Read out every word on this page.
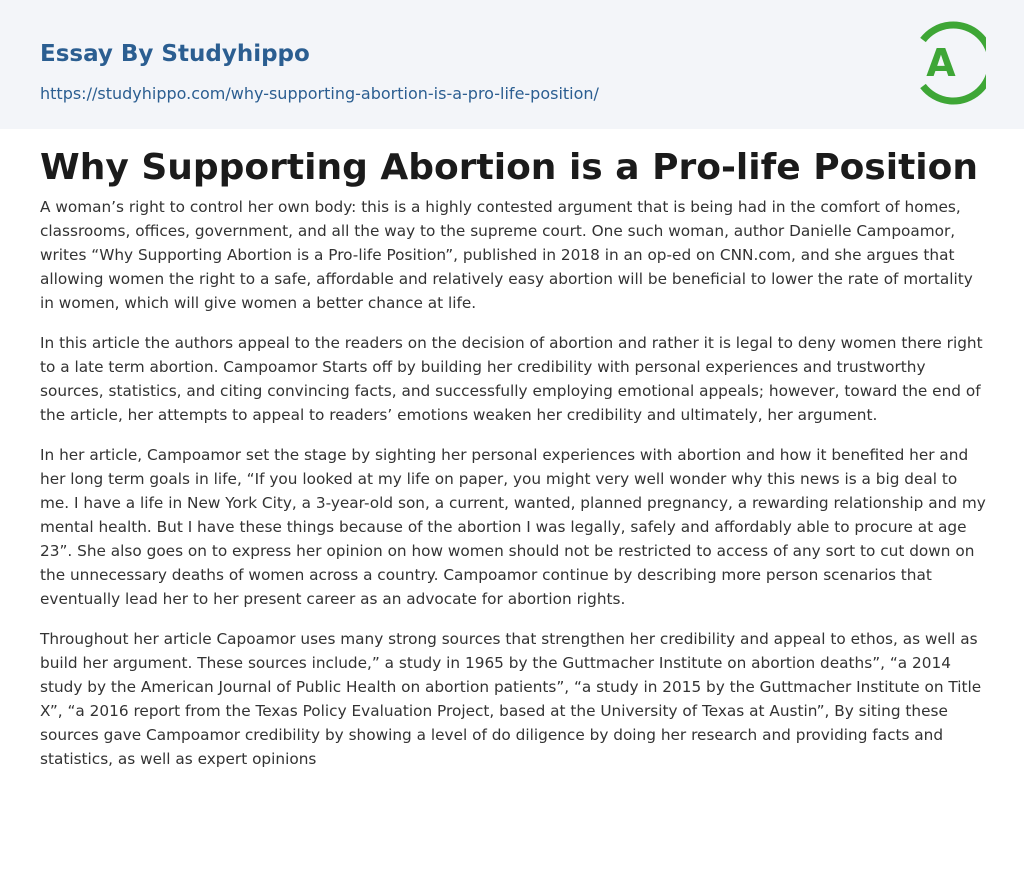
Essay By Studyhippo
https://studyhippo.com/why-supporting-abortion-is-a-pro-life-position/
A
Why Supporting Abortion is a Pro-life Position

A woman’s right to control her own body: this is a highly contested argument that is being had in the comfort of homes, classrooms, offices, government, and all the way to the supreme court. One such woman, author Danielle Campoamor, writes “Why Supporting Abortion is a Pro-life Position”, published in 2018 in an op-ed on CNN.com, and she argues that allowing women the right to a safe, affordable and relatively easy abortion will be beneficial to lower the rate of mortality in women, which will give women a better chance at life.

In this article the authors appeal to the readers on the decision of abortion and rather it is legal to deny women there right to a late term abortion. Campoamor Starts off by building her credibility with personal experiences and trustworthy sources, statistics, and citing convincing facts, and successfully employing emotional appeals; however, toward the end of the article, her attempts to appeal to readers’ emotions weaken her credibility and ultimately, her argument.

In her article, Campoamor set the stage by sighting her personal experiences with abortion and how it benefited her and her long term goals in life, “If you looked at my life on paper, you might very well wonder why this news is a big deal to me. I have a life in New York City, a 3-year-old son, a current, wanted, planned pregnancy, a rewarding relationship and my mental health. But I have these things because of the abortion I was legally, safely and affordably able to procure at age 23”. She also goes on to express her opinion on how women should not be restricted to access of any sort to cut down on the unnecessary deaths of women across a country. Campoamor continue by describing more person scenarios that eventually lead her to her present career as an advocate for abortion rights.

Throughout her article Capoamor uses many strong sources that strengthen her credibility and appeal to ethos, as well as build her argument. These sources include,” a study in 1965 by the Guttmacher Institute on abortion deaths”, “a 2014 study by the American Journal of Public Health on abortion patients”, “a study in 2015 by the Guttmacher Institute on Title X”, “a 2016 report from the Texas Policy Evaluation Project, based at the University of Texas at Austin”, By siting these sources gave Campoamor credibility by showing a level of do diligence by doing her research and providing facts and statistics, as well as expert opinions
